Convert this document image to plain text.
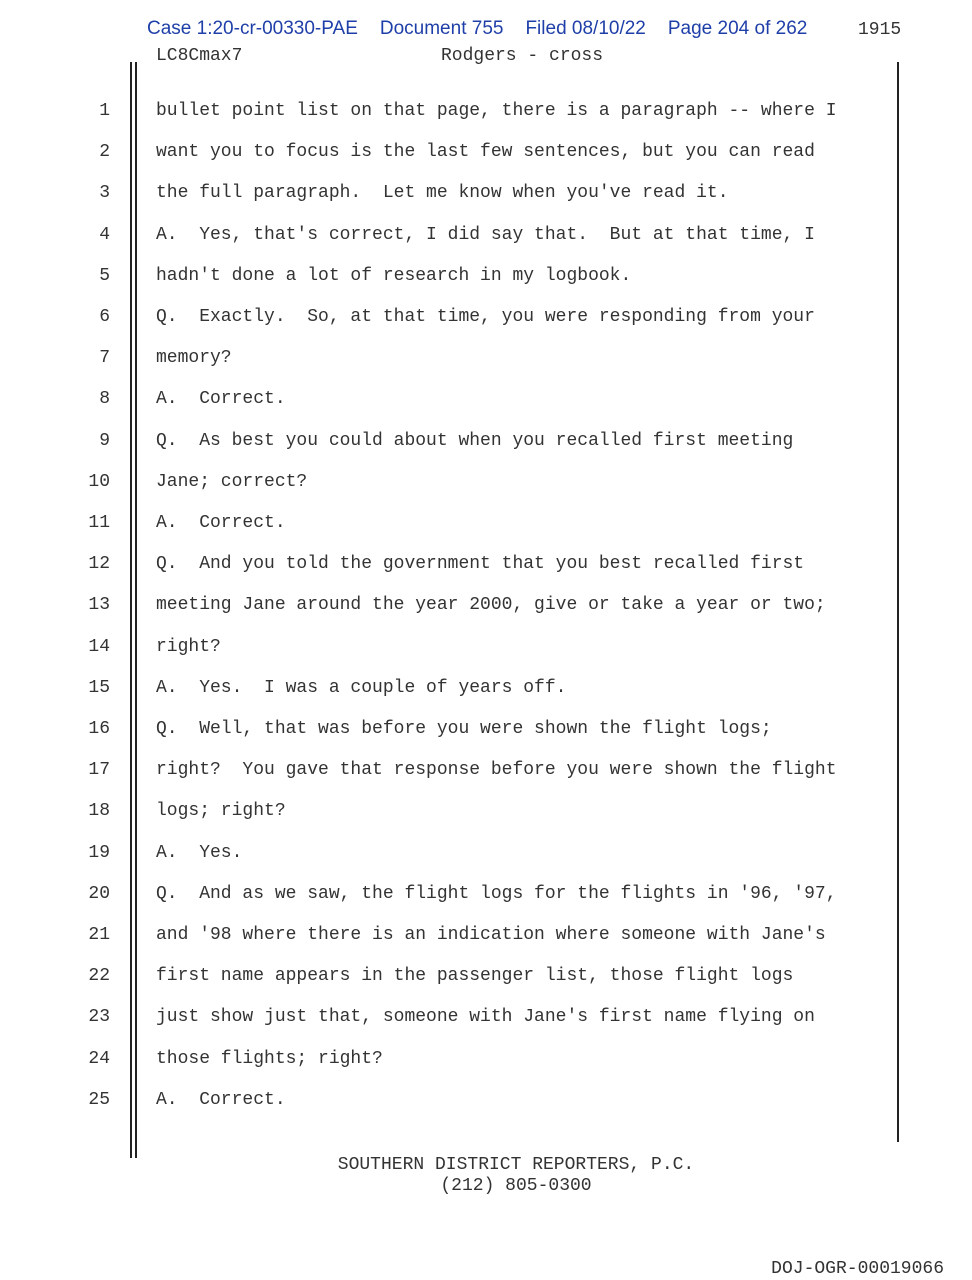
Case 1:20-cr-00330-PAE Document 755 Filed 08/10/22 Page 204 of 262	1915
LC8Cmax7	Rodgers - cross
1	bullet point list on that page, there is a paragraph -- where I
2	want you to focus is the last few sentences, but you can read
3	the full paragraph.  Let me know when you've read it.
4	A.  Yes, that's correct, I did say that.  But at that time, I
5	hadn't done a lot of research in my logbook.
6	Q.  Exactly.  So, at that time, you were responding from your
7	memory?
8	A.  Correct.
9	Q.  As best you could about when you recalled first meeting
10	Jane; correct?
11	A.  Correct.
12	Q.  And you told the government that you best recalled first
13	meeting Jane around the year 2000, give or take a year or two;
14	right?
15	A.  Yes.  I was a couple of years off.
16	Q.  Well, that was before you were shown the flight logs;
17	right?  You gave that response before you were shown the flight
18	logs; right?
19	A.  Yes.
20	Q.  And as we saw, the flight logs for the flights in '96, '97,
21	and '98 where there is an indication where someone with Jane's
22	first name appears in the passenger list, those flight logs
23	just show just that, someone with Jane's first name flying on
24	those flights; right?
25	A.  Correct.
SOUTHERN DISTRICT REPORTERS, P.C.
(212) 805-0300
DOJ-OGR-00019066
